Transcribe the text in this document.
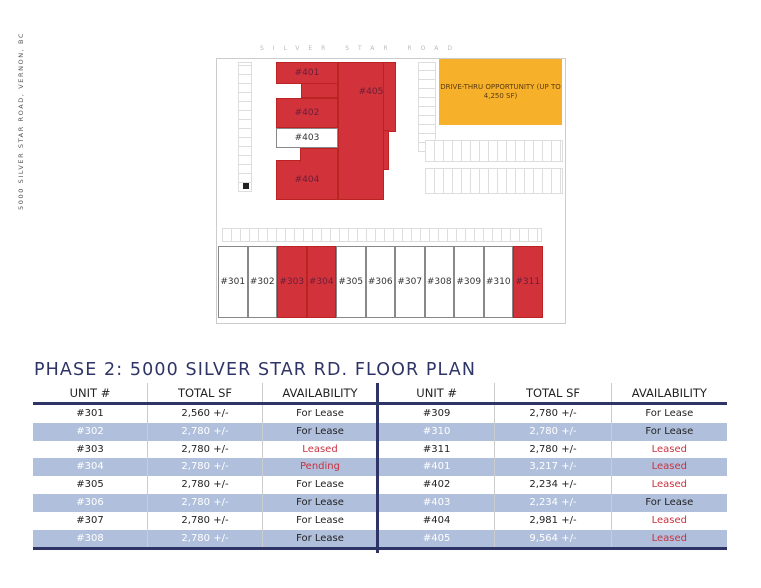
5000 SILVER STAR ROAD, VERNON, BC	SILVER STAR ROAD
#401
#402
#403
#404
#405	DRIVE-THRU OPPORTUNITY (UP TO 4,250 SF)
PHASE 2: 5000 SILVER STAR RD. FLOOR PLAN
UNIT #	TOTAL SF	AVAILABILITY
#301	2,560 +/-	For Lease
#302	2,780 +/-	For Lease
#303	2,780 +/-	Leased
#304	2,780 +/-	Pending
#305	2,780 +/-	For Lease
#306	2,780 +/-	For Lease
#307	2,780 +/-	For Lease
#308	2,780 +/-	For Lease
UNIT #	TOTAL SF	AVAILABILITY
#309	2,780 +/-	For Lease
#310	2,780 +/-	For Lease
#311	2,780 +/-	Leased
#401	3,217 +/-	Leased
#402	2,234 +/-	Leased
#403	2,234 +/-	For Lease
#404	2,981 +/-	Leased
#405	9,564 +/-	Leased
#301 #302 #303 #304 #305 #306 #307 #308 #309 #310 #311
